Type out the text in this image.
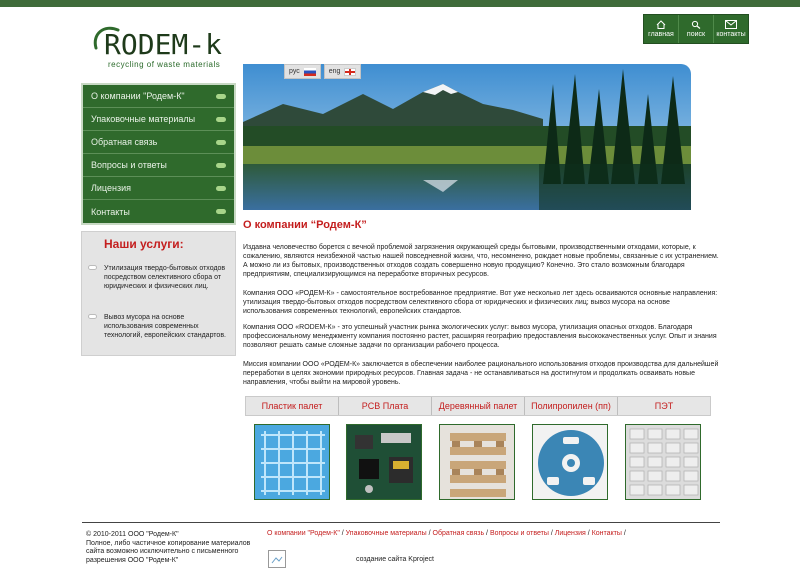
RODEM-k
recycling of waste materials
главная поиск контакты
рус	eng
О компании "Родем-К"
Упаковочные материалы
Обратная связь
Вопросы и ответы
Лицензия
Контакты
Наши услуги:
Утилизация твердо-бытовых отходов посредством селективного сбора от юридических и физических лиц.
Вывоз мусора на основе использования современных технологий, европейских стандартов.
О компании “Родем-К”
Издавна человечество борется с вечной проблемой загрязнения окружающей среды бытовыми, производственными отходами, которые, к сожалению, являются неизбежной частью нашей повседневной жизни, что, несомненно, рождает новые проблемы, связанные с их устранением. А можно ли из бытовых, производственных отходов создать совершенно новую продукцию? Конечно. Это стало возможным благодаря предприятиям, специализирующимся на переработке вторичных ресурсов.
Компания ООО «РОДЕМ-К» - самостоятельное востребованное предприятие. Вот уже несколько лет здесь осваиваются основные направления: утилизация твердо-бытовых отходов посредством селективного сбора от юридических и физических лиц; вывоз мусора на основе использования современных технологий, европейских стандартов.
Компания ООО «RODEM-К» - это успешный участник рынка экологических услуг: вывоз мусора, утилизация опасных отходов. Благодаря профессиональному менеджменту компания постоянно растет, расширяя географию предоставления высококачественных услуг. Опыт и знания позволяют решать самые сложные задачи по организации рабочего процесса.
Миссия компании ООО «РОДЕМ-К» заключается в обеспечении наиболее рационального использования отходов производства для дальнейшей переработки в целях экономии природных ресурсов. Главная задача - не останавливаться на достигнутом и продолжать осваивать новые направления, чтобы выйти на мировой уровень.
Пластик палет	PCB Плата	Деревянный палет	Полипропилен (пп)	ПЭТ
© 2010-2011 ООО "Родем-К"
Полное, либо частичное копирование материалов сайта возможно исключительно с письменного разрешения ООО "Родем-К"
О компании "Родем-К" / Упаковочные материалы / Обратная связь / Вопросы и ответы / Лицензия / Контакты /
создание сайта Kproject
